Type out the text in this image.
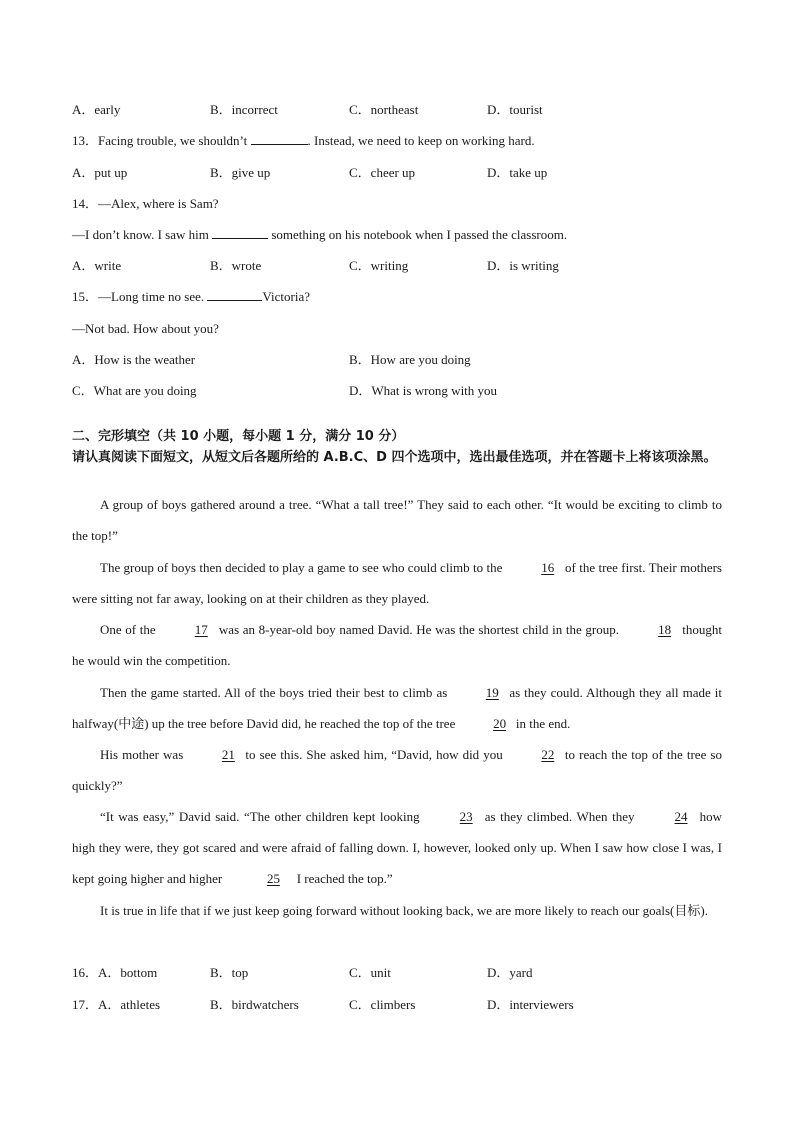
A．early	B．incorrect	C．northeast	D．tourist
13．Facing trouble, we shouldn’t	. Instead, we need to keep on working hard.
A．put up	B．give up	C．cheer up	D．take up
14．—Alex, where is Sam?
—I don’t know. I saw him	something on his notebook when I passed the classroom.
A．write	B．wrote	C．writing	D．is writing
15．—Long time no see.	Victoria?
—Not bad. How about you?
A．How is the weather	B．How are you doing
C．What are you doing	D．What is wrong with you
二、完形填空（共 10 小题，每小题 1 分，满分 10 分）
请认真阅读下面短文，从短文后各题所给的 A.B.C、D 四个选项中，选出最佳选项，并在答题卡上将该项涂黑。
A group of boys gathered around a tree. “What a tall tree!” They said to each other. “It would be exciting to climb to the top!”
The group of boys then decided to play a game to see who could climb to the	16 of the tree first. Their mothers were sitting not far away, looking on at their children as they played.
One of the	17 was an 8-year-old boy named David. He was the shortest child in the group.	18 thought he would win the competition.
Then the game started. All of the boys tried their best to climb as	19 as they could. Although they all made it halfway(中途) up the tree before David did, he reached the top of the tree	20 in the end.
His mother was	21 to see this. She asked him, “David, how did you	22 to reach the top of the tree so quickly?”
“It was easy,” David said. “The other children kept looking	23 as they climbed. When they	24 how high they were, they got scared and were afraid of falling down. I, however, looked only up. When I saw how close I was, I kept going higher and higher	25 I reached the top.”
It is true in life that if we just keep going forward without looking back, we are more likely to reach our goals(目标).
16．A．bottom	B．top	C．unit	D．yard
17．A．athletes	B．birdwatchers	C．climbers	D．interviewers
